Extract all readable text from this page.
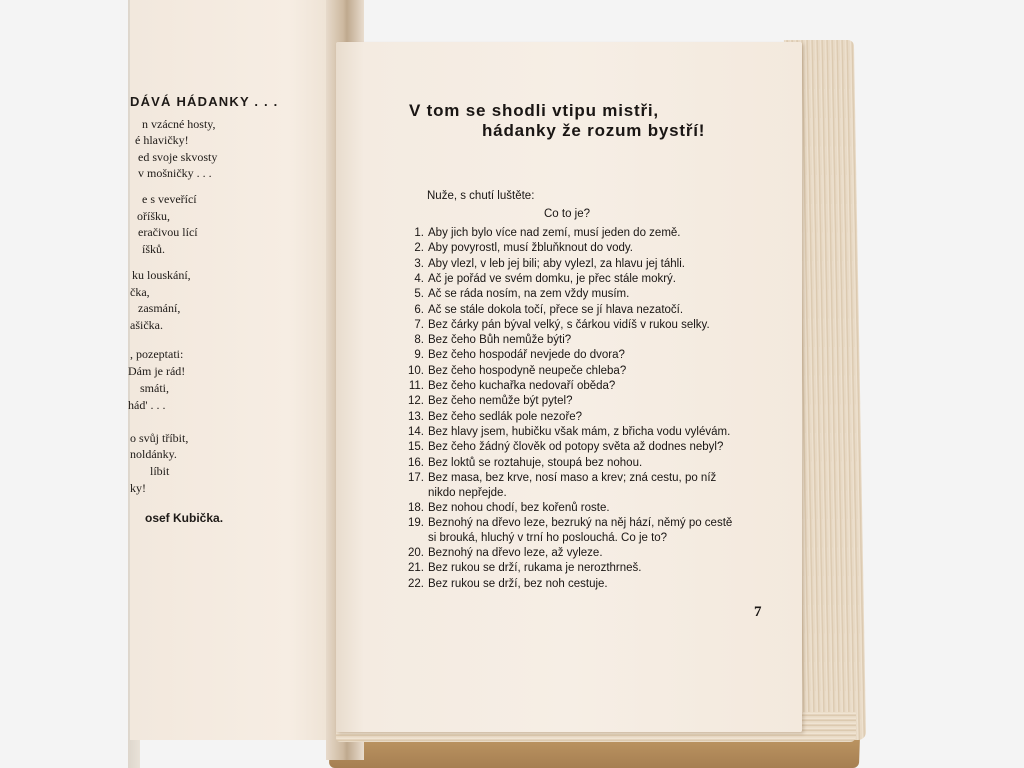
DÁVÁ HÁDANKY . . .
n vzácné hosty,
é hlavičky!
ed svoje skvosty
v mošničky . . .
e s veveřící
oříšku,
eračivou lící
íšků.
ku louskání,
čka,
zasmání,
ašička.
, pozeptati:
Dám je rád!
smáti,
hád' . . .
o svůj tříbit,
noldánky.
líbit
ky!
osef Kubička.
V tom se shodli vtipu mistři,
hádanky že rozum bystří!
Nuže, s chutí luštěte:
Co to je?
1. Aby jich bylo více nad zemí, musí jeden do země.
2. Aby povyrostl, musí žbluňknout do vody.
3. Aby vlezl, v leb jej bili; aby vylezl, za hlavu jej táhli.
4. Ač je pořád ve svém domku, je přec stále mokrý.
5. Ač se ráda nosím, na zem vždy musím.
6. Ač se stále dokola točí, přece se jí hlava nezatočí.
7. Bez čárky pán býval velký, s čárkou vidíš v rukou selky.
8. Bez čeho Bůh nemůže býti?
9. Bez čeho hospodář nevjede do dvora?
10. Bez čeho hospodyně neupeče chleba?
11. Bez čeho kuchařka nedovaří oběda?
12. Bez čeho nemůže být pytel?
13. Bez čeho sedlák pole nezoře?
14. Bez hlavy jsem, hubičku však mám, z břicha vodu vylévám.
15. Bez čeho žádný člověk od potopy světa až dodnes nebyl?
16. Bez loktů se roztahuje, stoupá bez nohou.
17. Bez masa, bez krve, nosí maso a krev; zná cestu, po níž
nikdo nepřejde.
18. Bez nohou chodí, bez kořenů roste.
19. Beznohý na dřevo leze, bezruký na něj hází, němý po cestě
si brouká, hluchý v trní ho poslouchá. Co je to?
20. Beznohý na dřevo leze, až vyleze.
21. Bez rukou se drží, rukama je nerozthrneš.
22. Bez rukou se drží, bez noh cestuje.
7
